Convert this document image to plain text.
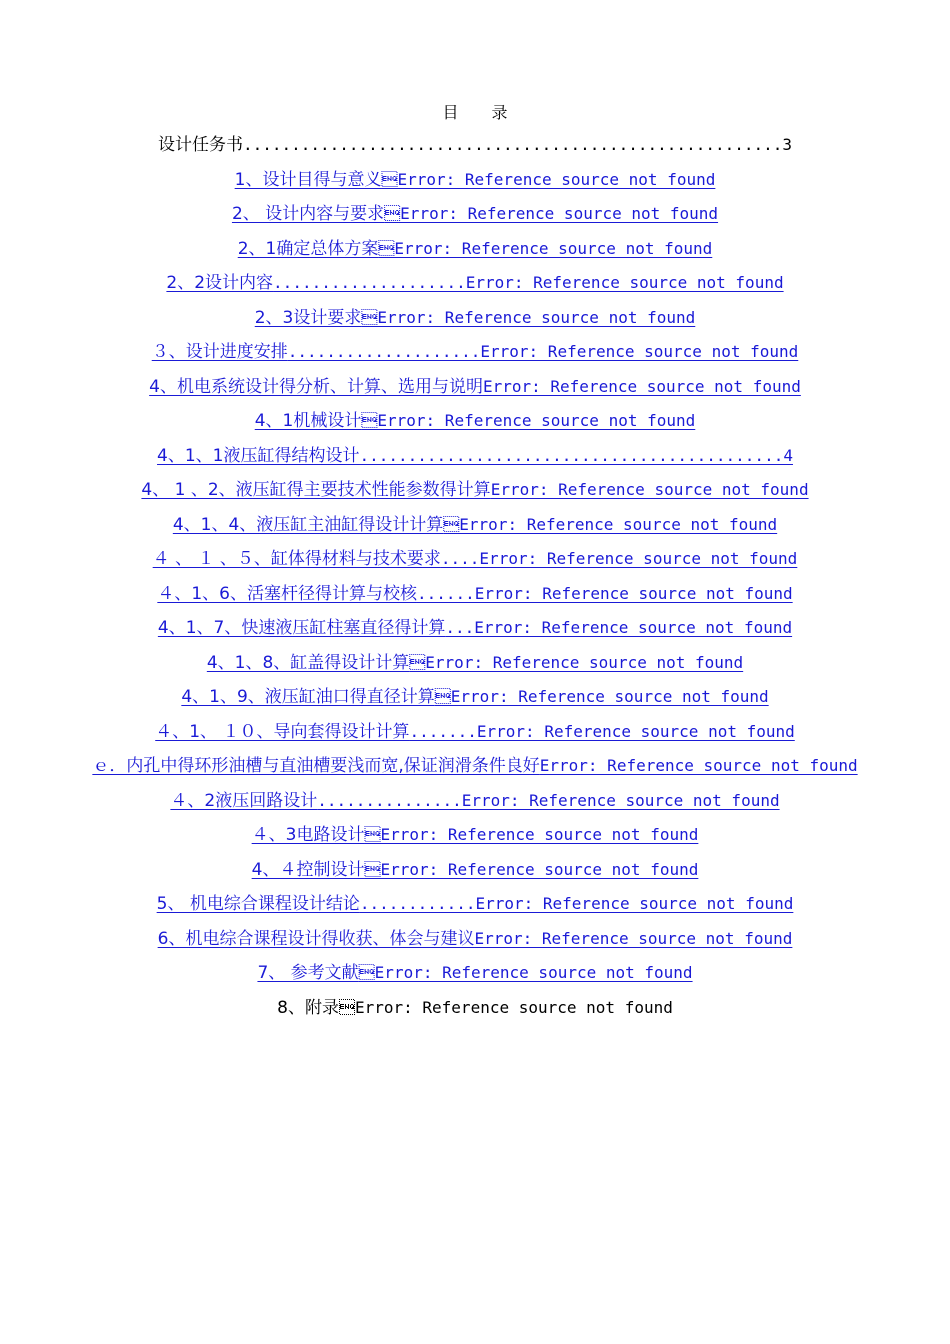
目 录
设计任务书........................................................3
1、设计目得与意义Error: Reference source not found
2、 设计内容与要求Error: Reference source not found
2、1确定总体方案Error: Reference source not found
2、2设计内容....................Error: Reference source not found
2、3设计要求Error: Reference source not found
３、设计进度安排....................Error: Reference source not found
4、机电系统设计得分析、计算、选用与说明Error: Reference source not found
4、1机械设计Error: Reference source not found
4、1、1液压缸得结构设计............................................4
4、 1 、2、液压缸得主要技术性能参数得计算Error: Reference source not found
4、1、4、液压缸主油缸得设计计算Error: Reference source not found
４ 、 １ 、５、缸体得材料与技术要求....Error: Reference source not found
４、1、6、活塞杆径得计算与校核......Error: Reference source not found
4、1、7、快速液压缸柱塞直径得计算...Error: Reference source not found
4、1、8、缸盖得设计计算Error: Reference source not found
4、1、9、液压缸油口得直径计算Error: Reference source not found
４、1、 １０、导向套得设计计算.......Error: Reference source not found
ｅ．内孔中得环形油槽与直油槽要浅而宽,保证润滑条件良好Error: Reference source not found
４、2液压回路设计...............Error: Reference source not found
４、3电路设计Error: Reference source not found
4、４控制设计Error: Reference source not found
5、 机电综合课程设计结论............Error: Reference source not found
6、机电综合课程设计得收获、体会与建议Error: Reference source not found
7、 参考文献Error: Reference source not found
8、附录Error: Reference source not found
